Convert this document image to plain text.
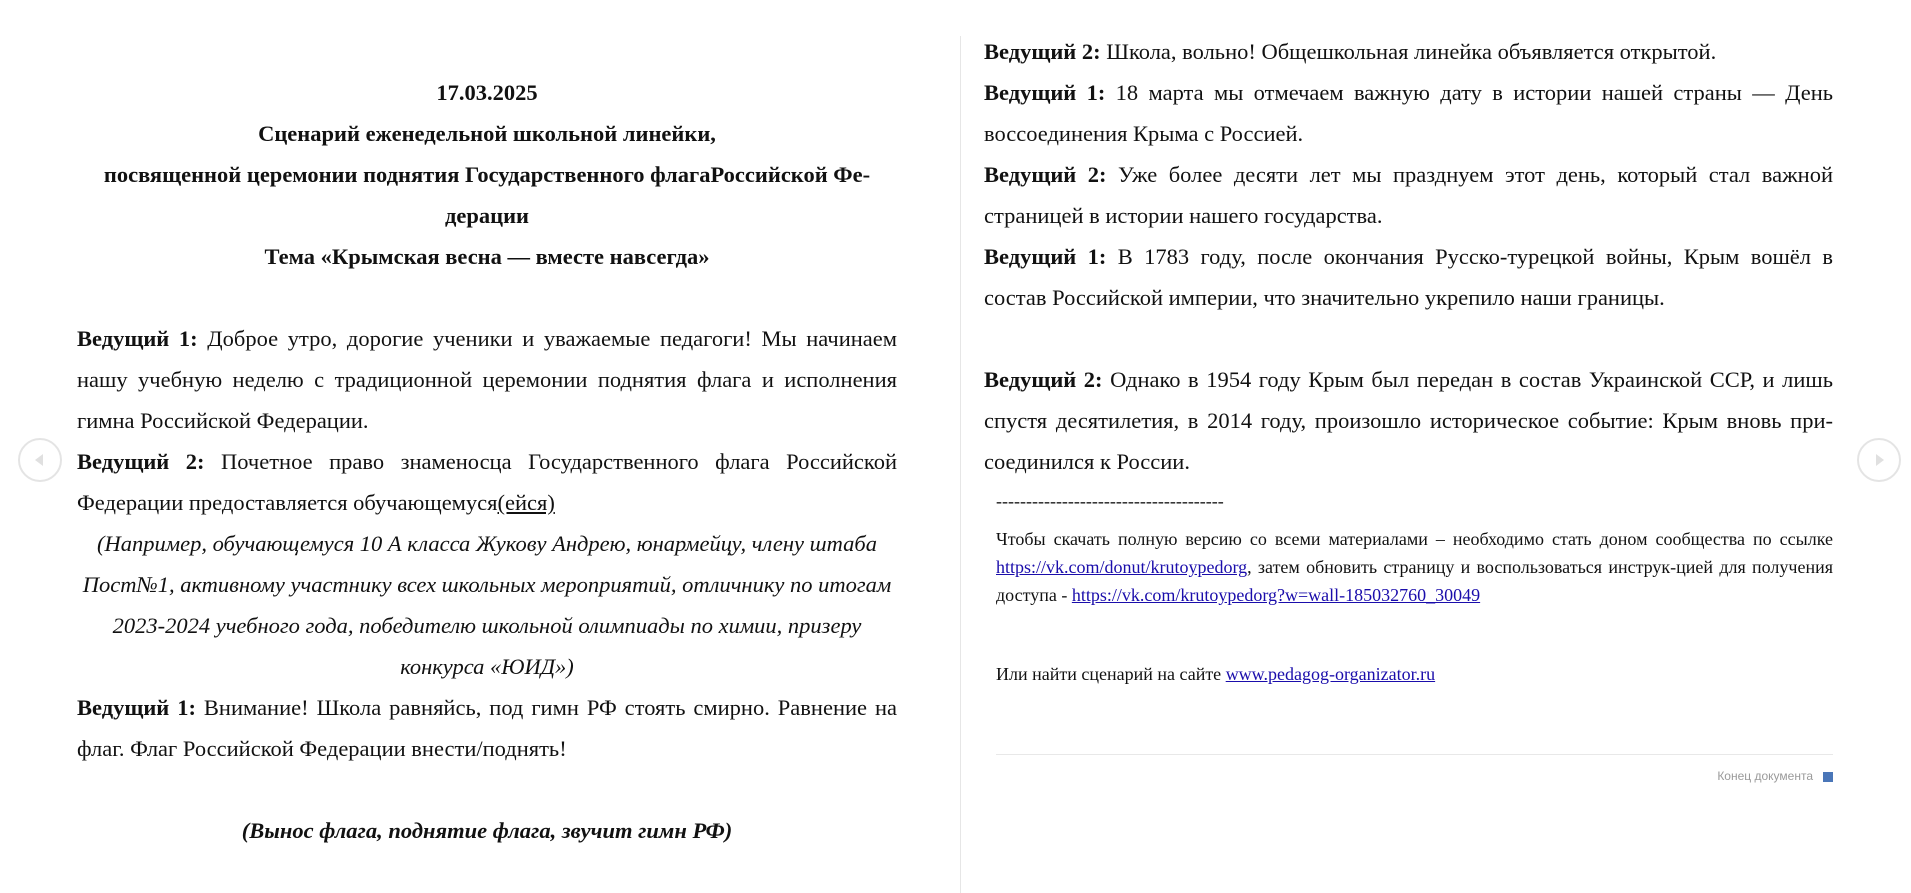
17.03.2025

Сценарий еженедельной школьной линейки,

посвященной церемонии поднятия Государственного флагаРоссийской Фе-
дерации

Тема «Крымская весна — вместе навсегда»

Ведущий 1: Доброе утро, дорогие ученики и уважаемые педагоги! Мы начинаем нашу учебную неделю с традиционной церемонии поднятия флага и исполнения гимна Российской Федерации.

Ведущий 2: Почетное право знаменосца Государственного флага Российской Федерации предоставляется обучающемуся(ейся)

(Например, обучающемуся 10 А класса Жукову Андрею, юнармейцу, члену штаба Пост№1, активному участнику всех школьных мероприятий, отличнику по итогам 2023-2024 учебного года, победителю школьной олимпиады по химии, призеру конкурса «ЮИД»)

Ведущий 1: Внимание! Школа равняйсь, под гимн РФ стоять смирно. Равнение на флаг. Флаг Российской Федерации внести/поднять!

(Вынос флага, поднятие флага, звучит гимн РФ)

Ведущий 2: Школа, вольно! Общешкольная линейка объявляется открытой.

Ведущий 1: 18 марта мы отмечаем важную дату в истории нашей страны — День воссоединения Крыма с Россией.

Ведущий 2: Уже более десяти лет мы празднуем этот день, который стал важной страницей в истории нашего государства.

Ведущий 1: В 1783 году, после окончания Русско-турецкой войны, Крым вошёл в состав Российской империи, что значительно укрепило наши границы.

Ведущий 2: Однако в 1954 году Крым был передан в состав Украинской ССР, и лишь спустя десятилетия, в 2014 году, произошло историческое событие: Крым вновь при-соединился к России.

--------------------------------------

Чтобы скачать полную версию со всеми материалами – необходимо стать доном сообщества по ссылке https://vk.com/donut/krutoypedorg, затем обновить страницу и воспользоваться инструк-цией для получения доступа - https://vk.com/krutoypedorg?w=wall-185032760_30049

Или найти сценарий на сайте www.pedagog-organizator.ru

Конец документа
